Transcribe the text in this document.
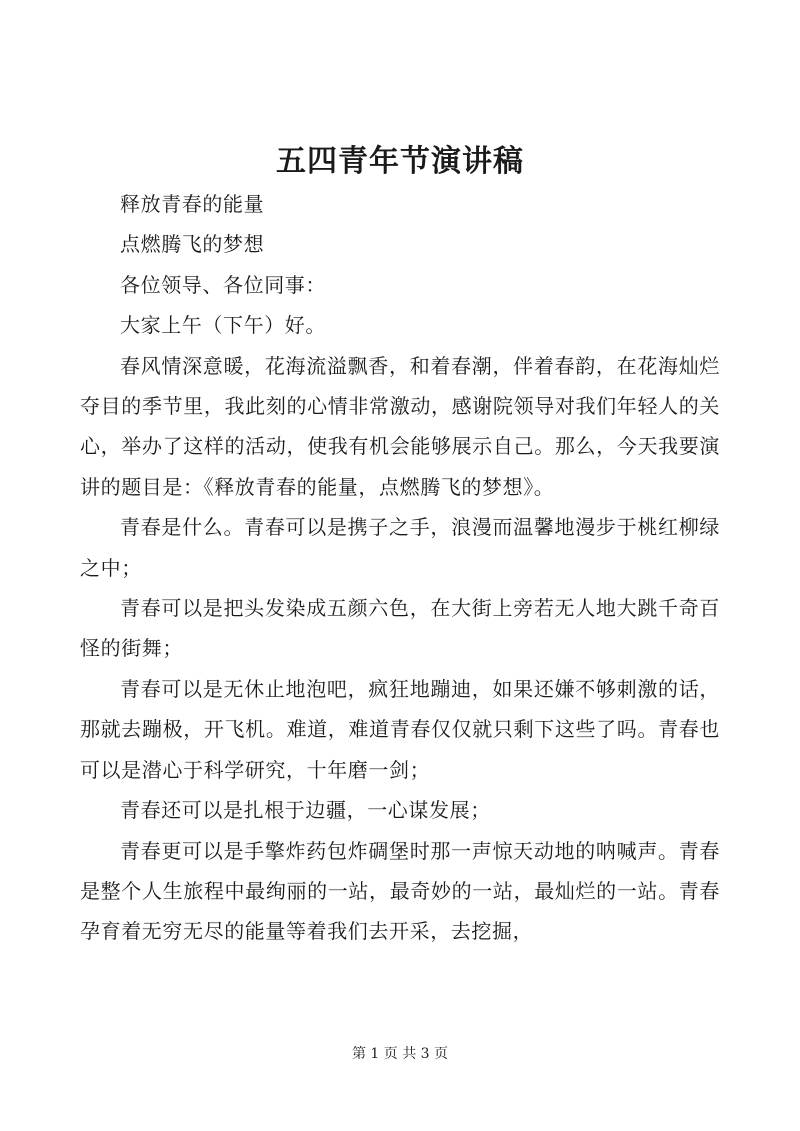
五四青年节演讲稿

释放青春的能量

点燃腾飞的梦想

各位领导、各位同事：

大家上午（下午）好。

春风情深意暖，花海流溢飘香，和着春潮，伴着春韵，在花海灿烂夺目的季节里，我此刻的心情非常激动，感谢院领导对我们年轻人的关心，举办了这样的活动，使我有机会能够展示自己。那么，今天我要演讲的题目是：《释放青春的能量，点燃腾飞的梦想》。

青春是什么。青春可以是携子之手，浪漫而温馨地漫步于桃红柳绿之中；

青春可以是把头发染成五颜六色，在大街上旁若无人地大跳千奇百怪的街舞；

青春可以是无休止地泡吧，疯狂地蹦迪，如果还嫌不够刺激的话，那就去蹦极，开飞机。难道，难道青春仅仅就只剩下这些了吗。青春也可以是潜心于科学研究，十年磨一剑；

青春还可以是扎根于边疆，一心谋发展；

青春更可以是手擎炸药包炸碉堡时那一声惊天动地的呐喊声。青春是整个人生旅程中最绚丽的一站，最奇妙的一站，最灿烂的一站。青春孕育着无穷无尽的能量等着我们去开采，去挖掘，

第 1 页 共 3 页
